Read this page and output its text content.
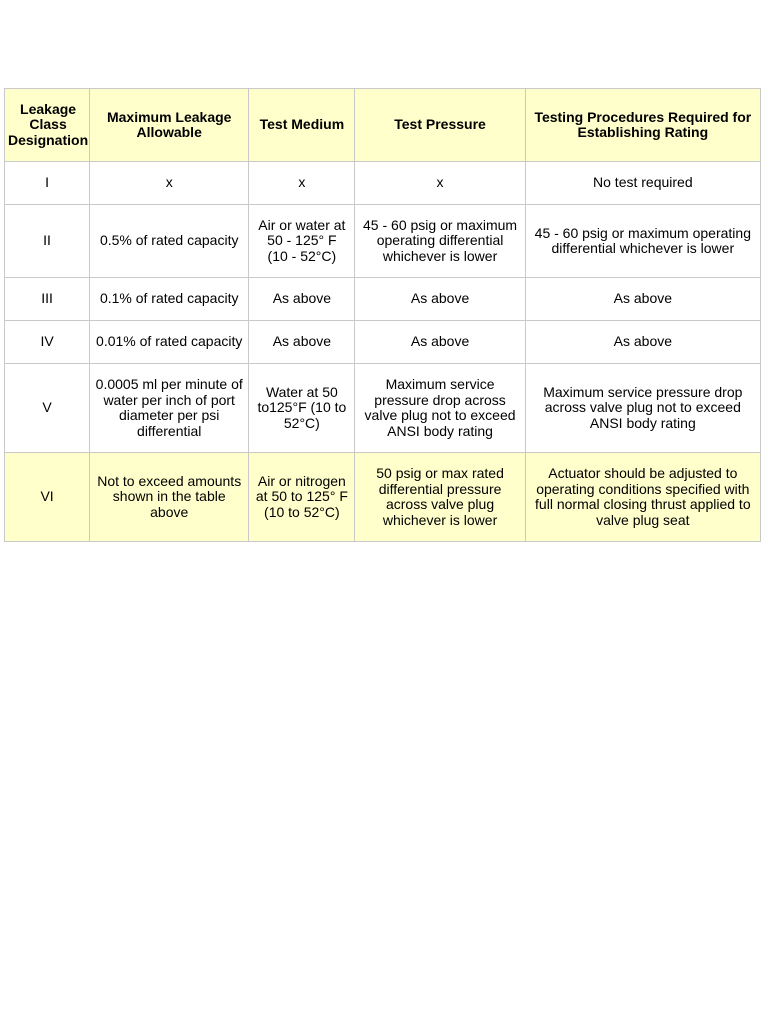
Leakage
Class
Designation	Maximum Leakage
Allowable	Test Medium	Test Pressure	Testing Procedures Required for
Establishing Rating
I	x	x	x	No test required
II	0.5% of rated capacity	Air or water at
50 - 125° F
(10 - 52°C)	45 - 60 psig or maximum
operating differential
whichever is lower	45 - 60 psig or maximum operating
differential whichever is lower
III	0.1% of rated capacity	As above	As above	As above
IV	0.01% of rated capacity	As above	As above	As above
V	0.0005 ml per minute of
water per inch of port
diameter per psi
differential	Water at 50
to125°F (10 to
52°C)	Maximum service
pressure drop across
valve plug not to exceed
ANSI body rating	Maximum service pressure drop
across valve plug not to exceed
ANSI body rating
VI	Not to exceed amounts
shown in the table
above	Air or nitrogen
at 50 to 125° F
(10 to 52°C)	50 psig or max rated
differential pressure
across valve plug
whichever is lower	Actuator should be adjusted to
operating conditions specified with
full normal closing thrust applied to
valve plug seat
